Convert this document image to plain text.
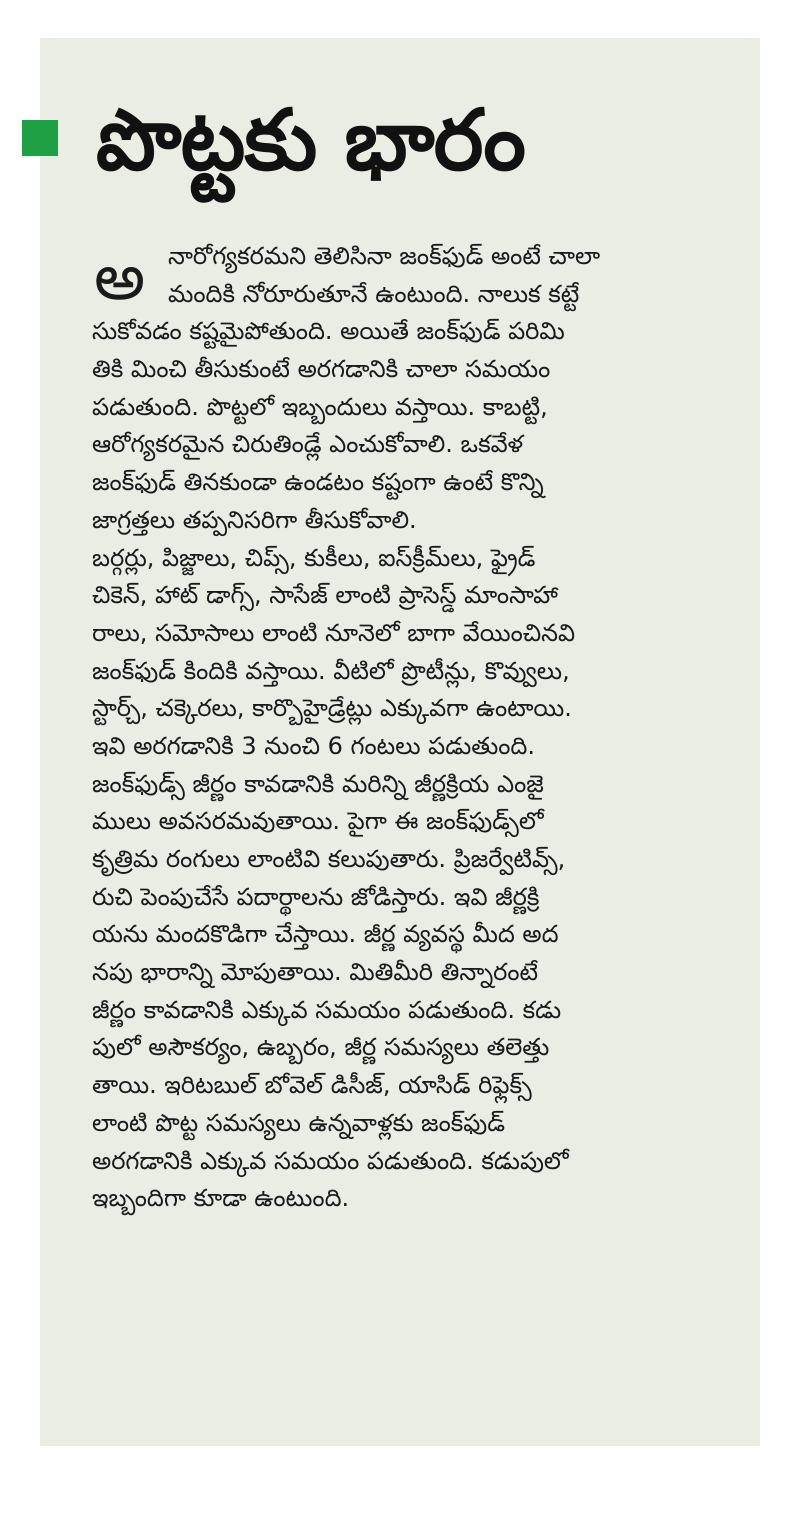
పొట్టకు భారం
అ నారోగ్యకరమని తెలిసినా జంక్‌ఫుడ్‌ అంటే చాలా
మందికి నోరూరుతూనే ఉంటుంది. నాలుక కట్టే
సుకోవడం కష్టమైపోతుంది. అయితే జంక్‌ఫుడ్‌ పరిమి
తికి మించి తీసుకుంటే అరగడానికి చాలా సమయం
పడుతుంది. పొట్టలో ఇబ్బందులు వస్తాయి. కాబట్టి,
ఆరోగ్యకరమైన చిరుతిండ్లే ఎంచుకోవాలి. ఒకవేళ
జంక్‌ఫుడ్‌ తినకుండా ఉండటం కష్టంగా ఉంటే కొన్ని
జాగ్రత్తలు తప్పనిసరిగా తీసుకోవాలి.
బర్గర్లు, పిజ్జాలు, చిప్స్‌, కుకీలు, ఐస్‌క్రీమ్‌లు, ఫ్రైడ్‌
చికెన్‌, హాట్‌ డాగ్స్‌, సాసేజ్‌ లాంటి ప్రాసెస్డ్‌ మాంసాహా
రాలు, సమోసాలు లాంటి నూనెలో బాగా వేయించినవి
జంక్‌ఫుడ్‌ కిందికి వస్తాయి. వీటిలో ప్రొటీన్లు, కొవ్వులు,
స్టార్చ్‌, చక్కెరలు, కార్బొహైడ్రేట్లు ఎక్కువగా ఉంటాయి.
ఇవి అరగడానికి 3 నుంచి 6 గంటలు పడుతుంది.
జంక్‌ఫుడ్స్‌ జీర్ణం కావడానికి మరిన్ని జీర్ణక్రియ ఎంజై
ములు అవసరమవుతాయి. పైగా ఈ జంక్‌ఫుడ్స్‌లో
కృత్రిమ రంగులు లాంటివి కలుపుతారు. ప్రిజర్వేటివ్స్‌,
రుచి పెంపుచేసే పదార్థాలను జోడిస్తారు. ఇవి జీర్ణక్రి
యను మందకొడిగా చేస్తాయి. జీర్ణ వ్యవస్థ మీద అద
నపు భారాన్ని మోపుతాయి. మితిమీరి తిన్నారంటే
జీర్ణం కావడానికి ఎక్కువ సమయం పడుతుంది. కడు
పులో అసౌకర్యం, ఉబ్బరం, జీర్ణ సమస్యలు తలెత్తు
తాయి. ఇరిటబుల్‌ బోవెల్‌ డిసీజ్‌, యాసిడ్‌ రిఫ్లెక్స్‌
లాంటి పొట్ట సమస్యలు ఉన్నవాళ్లకు జంక్‌ఫుడ్‌
అరగడానికి ఎక్కువ సమయం పడుతుంది. కడుపులో
ఇబ్బందిగా కూడా ఉంటుంది.
